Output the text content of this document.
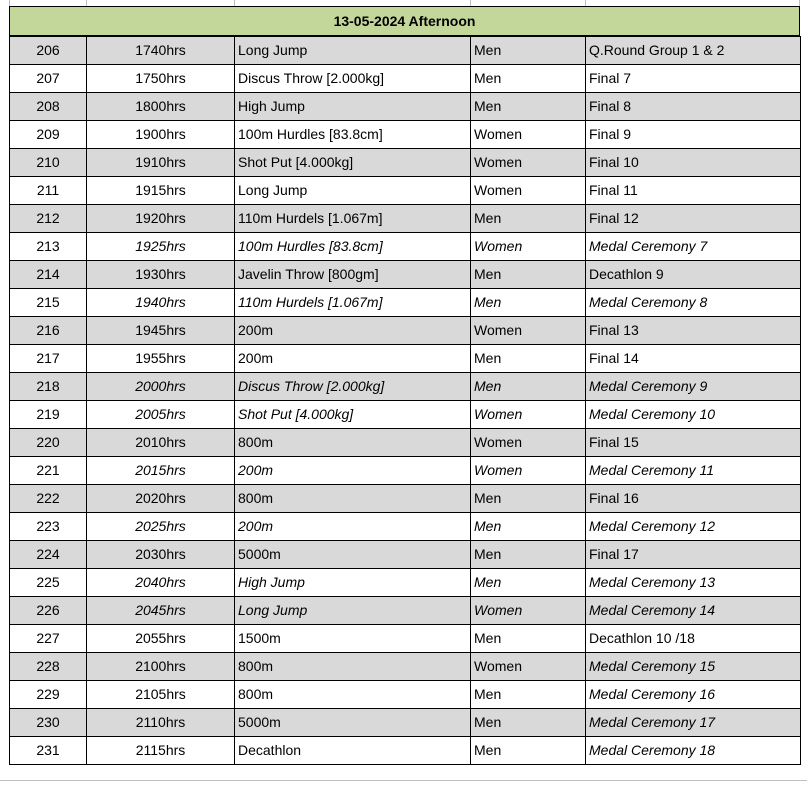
13-05-2024 Afternoon
206	1740hrs	Long Jump	Men	Q.Round Group 1 & 2
207	1750hrs	Discus Throw [2.000kg]	Men	Final 7
208	1800hrs	High Jump	Men	Final 8
209	1900hrs	100m Hurdles [83.8cm]	Women	Final 9
210	1910hrs	Shot Put [4.000kg]	Women	Final 10
211	1915hrs	Long Jump	Women	Final 11
212	1920hrs	110m Hurdels [1.067m]	Men	Final 12
213	1925hrs	100m Hurdles [83.8cm]	Women	Medal Ceremony 7
214	1930hrs	Javelin Throw [800gm]	Men	Decathlon 9
215	1940hrs	110m Hurdels [1.067m]	Men	Medal Ceremony 8
216	1945hrs	200m	Women	Final 13
217	1955hrs	200m	Men	Final 14
218	2000hrs	Discus Throw [2.000kg]	Men	Medal Ceremony 9
219	2005hrs	Shot Put [4.000kg]	Women	Medal Ceremony 10
220	2010hrs	800m	Women	Final 15
221	2015hrs	200m	Women	Medal Ceremony 11
222	2020hrs	800m	Men	Final 16
223	2025hrs	200m	Men	Medal Ceremony 12
224	2030hrs	5000m	Men	Final 17
225	2040hrs	High Jump	Men	Medal Ceremony 13
226	2045hrs	Long Jump	Women	Medal Ceremony 14
227	2055hrs	1500m	Men	Decathlon 10 /18
228	2100hrs	800m	Women	Medal Ceremony 15
229	2105hrs	800m	Men	Medal Ceremony 16
230	2110hrs	5000m	Men	Medal Ceremony 17
231	2115hrs	Decathlon	Men	Medal Ceremony 18
